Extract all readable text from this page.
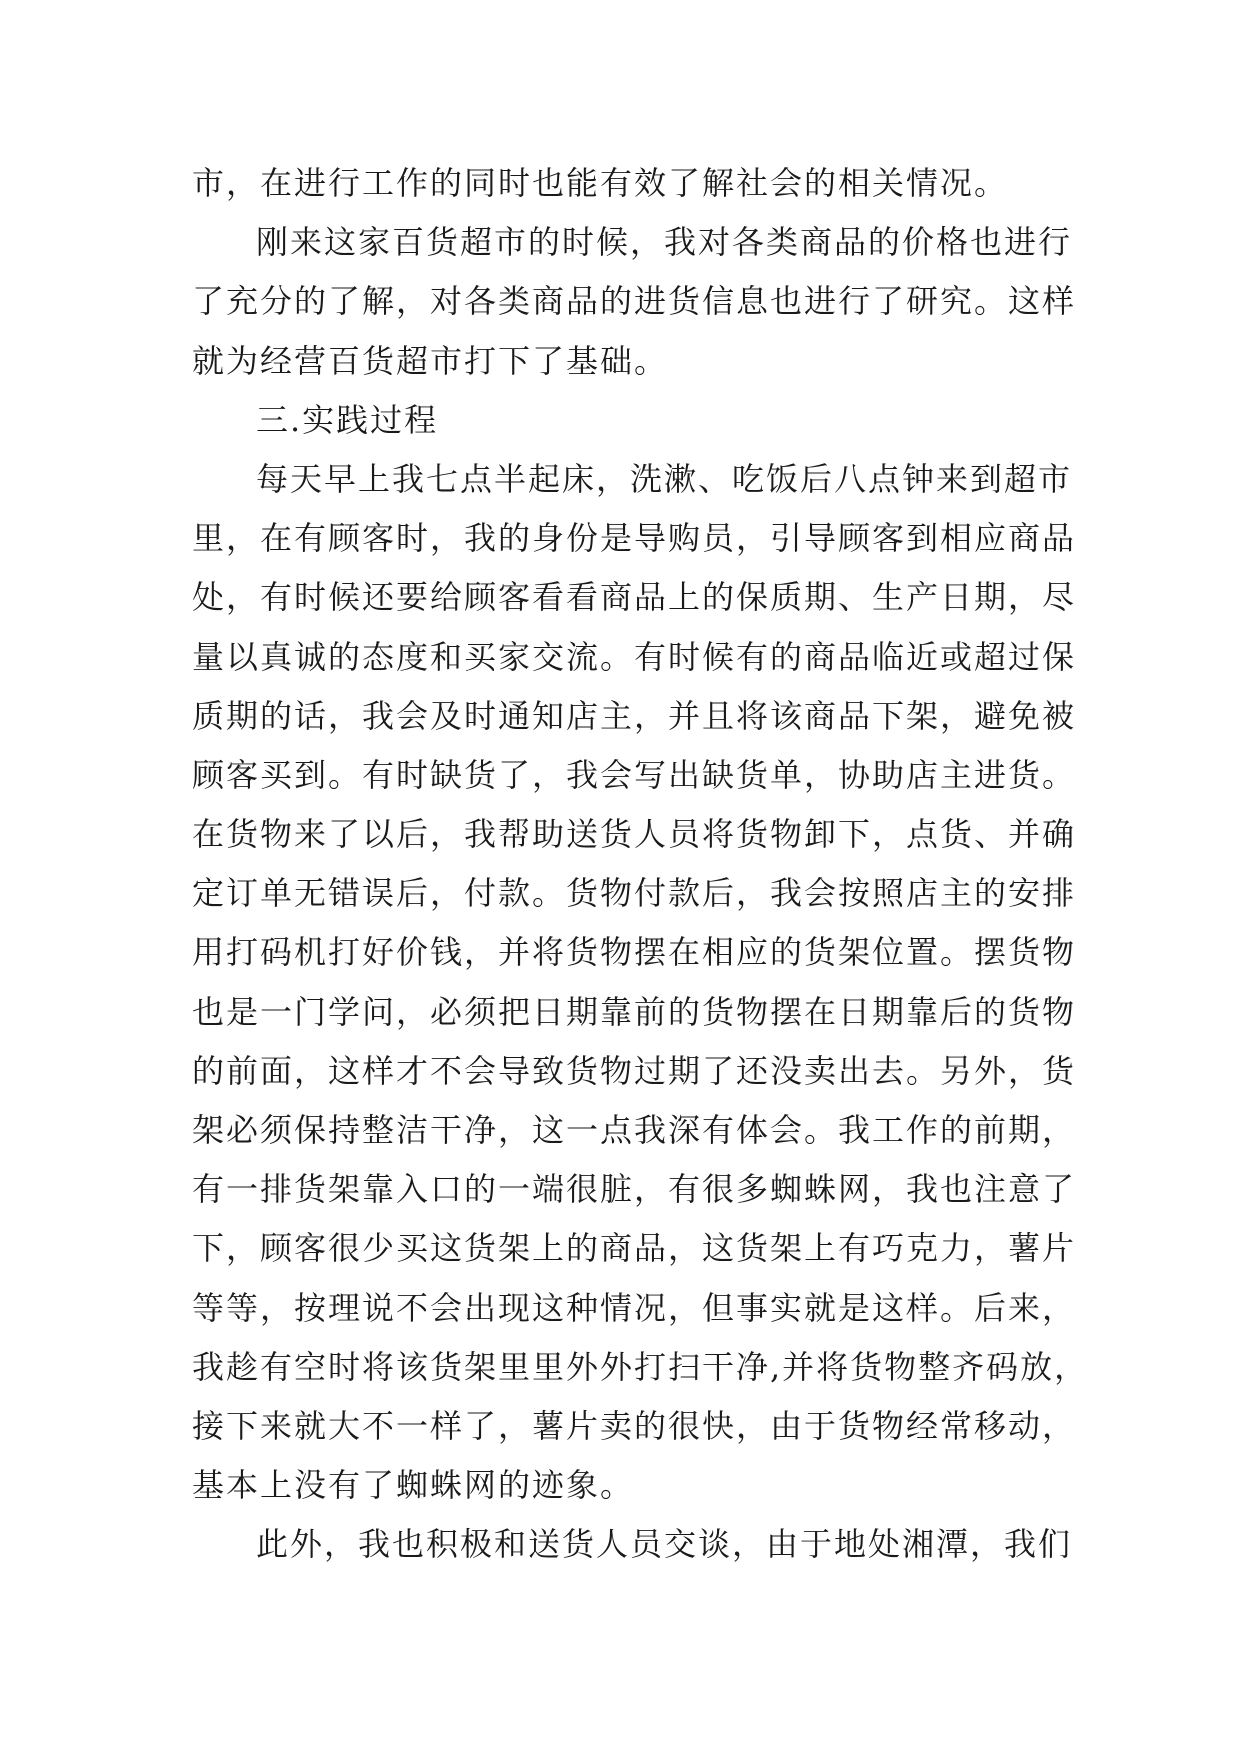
市，在进行工作的同时也能有效了解社会的相关情况。
刚来这家百货超市的时候，我对各类商品的价格也进行
了充分的了解，对各类商品的进货信息也进行了研究。这样
就为经营百货超市打下了基础。
三.实践过程
每天早上我七点半起床，洗漱、吃饭后八点钟来到超市
里，在有顾客时，我的身份是导购员，引导顾客到相应商品
处，有时候还要给顾客看看商品上的保质期、生产日期，尽
量以真诚的态度和买家交流。有时候有的商品临近或超过保
质期的话，我会及时通知店主，并且将该商品下架，避免被
顾客买到。有时缺货了，我会写出缺货单，协助店主进货。
在货物来了以后，我帮助送货人员将货物卸下，点货、并确
定订单无错误后，付款。货物付款后，我会按照店主的安排
用打码机打好价钱，并将货物摆在相应的货架位置。摆货物
也是一门学问，必须把日期靠前的货物摆在日期靠后的货物
的前面，这样才不会导致货物过期了还没卖出去。另外，货
架必须保持整洁干净，这一点我深有体会。我工作的前期，
有一排货架靠入口的一端很脏，有很多蜘蛛网，我也注意了
下，顾客很少买这货架上的商品，这货架上有巧克力，薯片
等等，按理说不会出现这种情况，但事实就是这样。后来，
我趁有空时将该货架里里外外打扫干净,并将货物整齐码放，
接下来就大不一样了，薯片卖的很快，由于货物经常移动，
基本上没有了蜘蛛网的迹象。
此外，我也积极和送货人员交谈，由于地处湘潭，我们
